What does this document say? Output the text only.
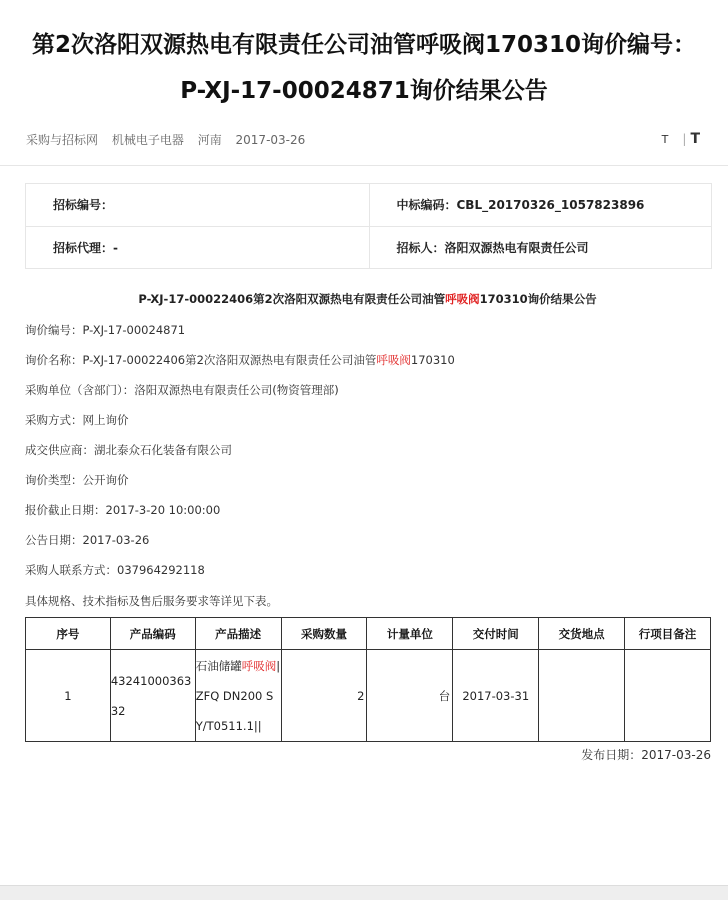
第2次洛阳双源热电有限责任公司油管呼吸阀170310询价编号：
P-XJ-17-00024871询价结果公告
采购与招标网 机械电子电器 河南 2017-03-26	T | T
招标编号：	中标编码：CBL_20170326_1057823896
招标代理：-	招标人：洛阳双源热电有限责任公司
P-XJ-17-00022406第2次洛阳双源热电有限责任公司油管呼吸阀170310询价结果公告
询价编号：P-XJ-17-00024871
询价名称：P-XJ-17-00022406第2次洛阳双源热电有限责任公司油管呼吸阀170310
采购单位（含部门）：洛阳双源热电有限责任公司(物资管理部)
采购方式：网上询价
成交供应商：湖北泰众石化装备有限公司
询价类型：公开询价
报价截止日期：2017-3-20 10:00:00
公告日期：2017-03-26
采购人联系方式：037964292118
具体规格、技术指标及售后服务要求等详见下表。
序号	产品编码	产品描述	采购数量	计量单位	交付时间	交货地点	行项目备注
1	4324100036332	石油储罐呼吸阀|ZFQ DN200 SY/T0511.1||	2	台	2017-03-31		
发布日期：2017-03-26
